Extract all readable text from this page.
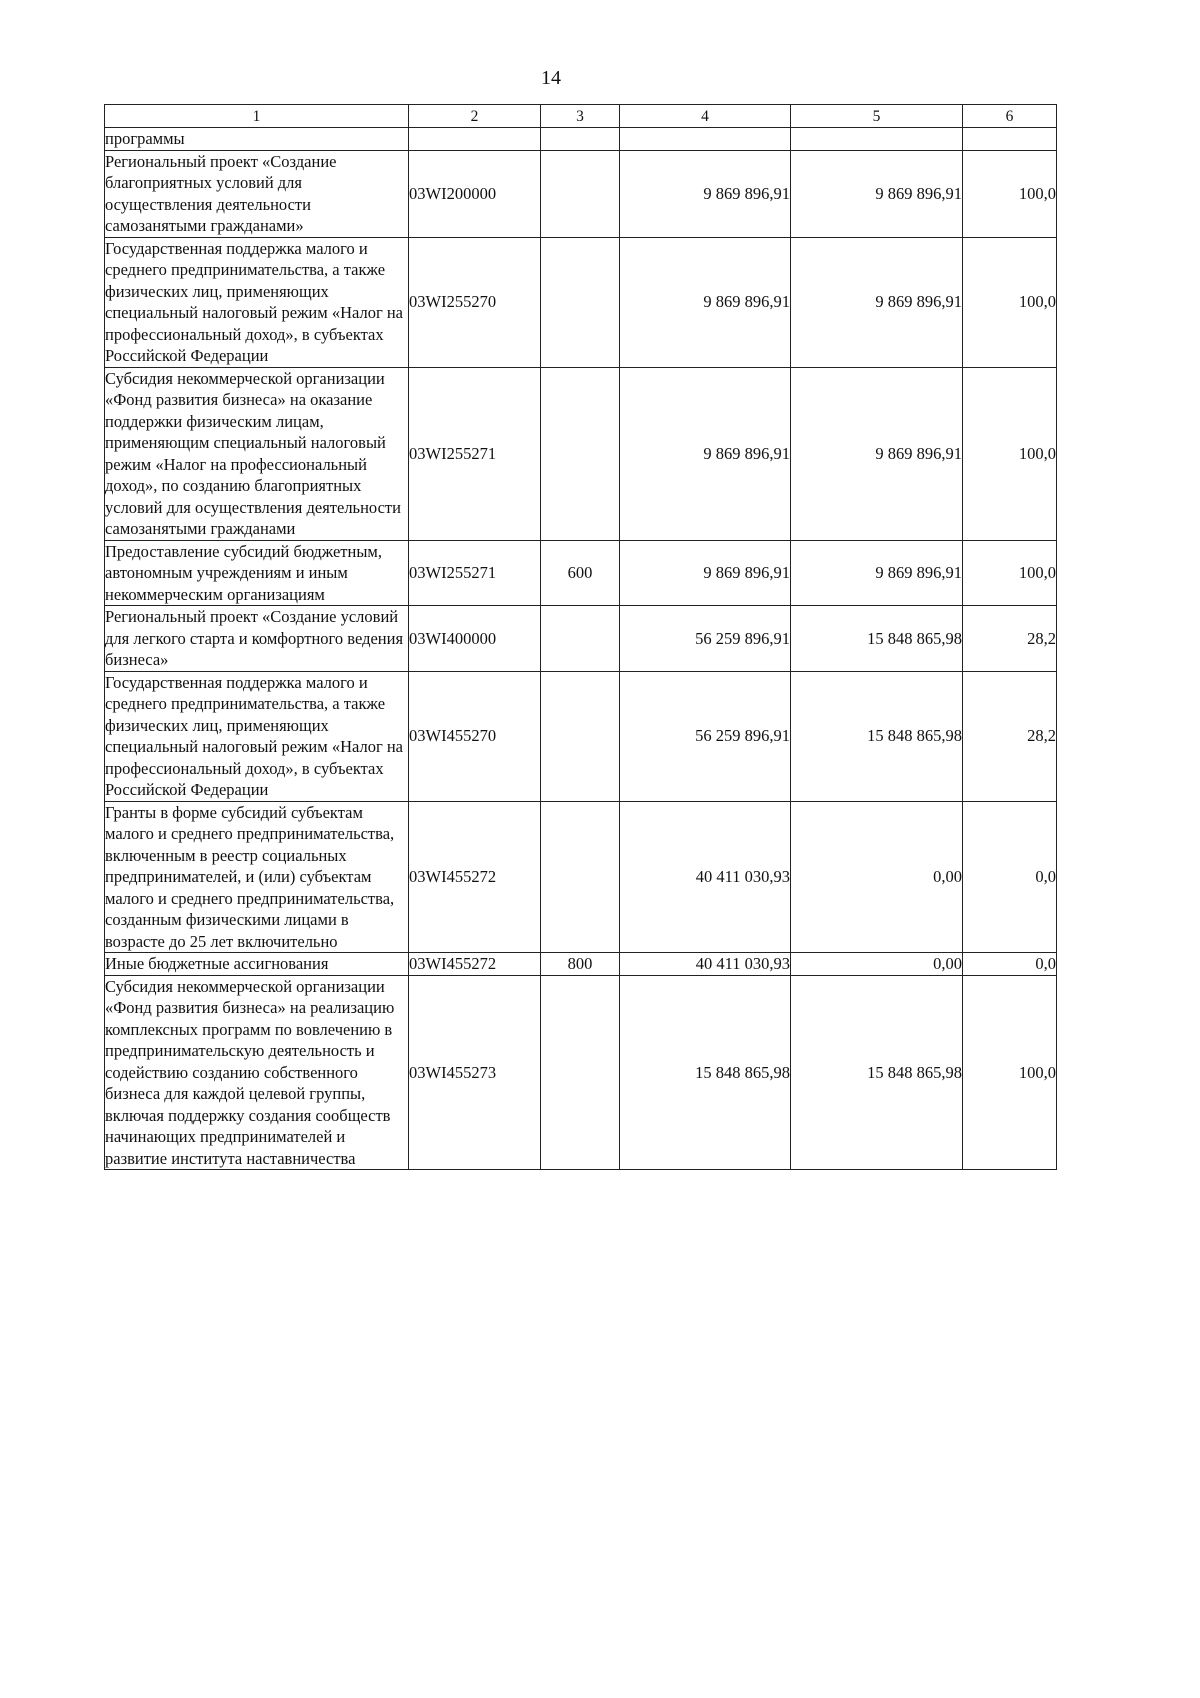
14
1	2	3	4	5	6
программы					
Региональный проект «Создание благоприятных условий для осуществления деятельности самозанятыми гражданами»	03WI200000		9 869 896,91	9 869 896,91	100,0
Государственная поддержка малого и среднего предпринимательства, а также физических лиц, применяющих специальный налоговый режим «Налог на профессиональный доход», в субъектах Российской Федерации	03WI255270		9 869 896,91	9 869 896,91	100,0
Субсидия некоммерческой организации «Фонд развития бизнеса» на оказание поддержки физическим лицам, применяющим специальный налоговый режим «Налог на профессиональный доход», по созданию благоприятных условий для осуществления деятельности самозанятыми гражданами	03WI255271		9 869 896,91	9 869 896,91	100,0
Предоставление субсидий бюджетным, автономным учреждениям и иным некоммерческим организациям	03WI255271	600	9 869 896,91	9 869 896,91	100,0
Региональный проект «Создание условий для легкого старта и комфортного ведения бизнеса»	03WI400000		56 259 896,91	15 848 865,98	28,2
Государственная поддержка малого и среднего предпринимательства, а также физических лиц, применяющих специальный налоговый режим «Налог на профессиональный доход», в субъектах Российской Федерации	03WI455270		56 259 896,91	15 848 865,98	28,2
Гранты в форме субсидий субъектам малого и среднего предпринимательства, включенным в реестр социальных предпринимателей, и (или) субъектам малого и среднего предпринимательства, созданным физическими лицами в возрасте до 25 лет включительно	03WI455272		40 411 030,93	0,00	0,0
Иные бюджетные ассигнования	03WI455272	800	40 411 030,93	0,00	0,0
Субсидия некоммерческой организации «Фонд развития бизнеса» на реализацию комплексных программ по вовлечению в предпринимательскую деятельность и содействию созданию собственного бизнеса для каждой целевой группы, включая поддержку создания сообществ начинающих предпринимателей и развитие института наставничества	03WI455273		15 848 865,98	15 848 865,98	100,0
